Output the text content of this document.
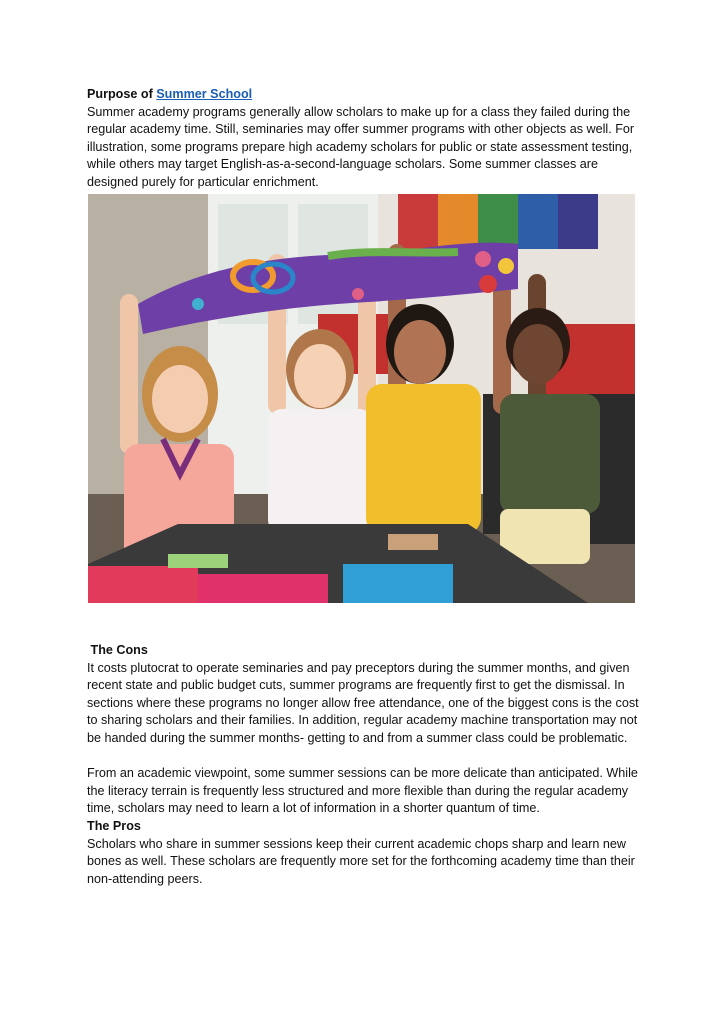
Purpose of Summer School

Summer academy programs generally allow scholars to make up for a class they failed during the regular academy time. Still, seminaries may offer summer programs with other objects as well. For illustration, some programs prepare high academy scholars for public or state assessment testing, while others may target English-as-a-second-language scholars. Some summer classes are designed purely for particular enrichment.

The Cons

It costs plutocrat to operate seminaries and pay preceptors during the summer months, and given recent state and public budget cuts, summer programs are frequently first to get the dismissal. In sections where these programs no longer allow free attendance, one of the biggest cons is the cost to sharing scholars and their families. In addition, regular academy machine transportation may not be handed during the summer months- getting to and from a summer class could be problematic.

From an academic viewpoint, some summer sessions can be more delicate than anticipated. While the literacy terrain is frequently less structured and more flexible than during the regular academy time, scholars may need to learn a lot of information in a shorter quantum of time.

The Pros

Scholars who share in summer sessions keep their current academic chops sharp and learn new bones as well. These scholars are frequently more set for the forthcoming academy time than their non-attending peers.
